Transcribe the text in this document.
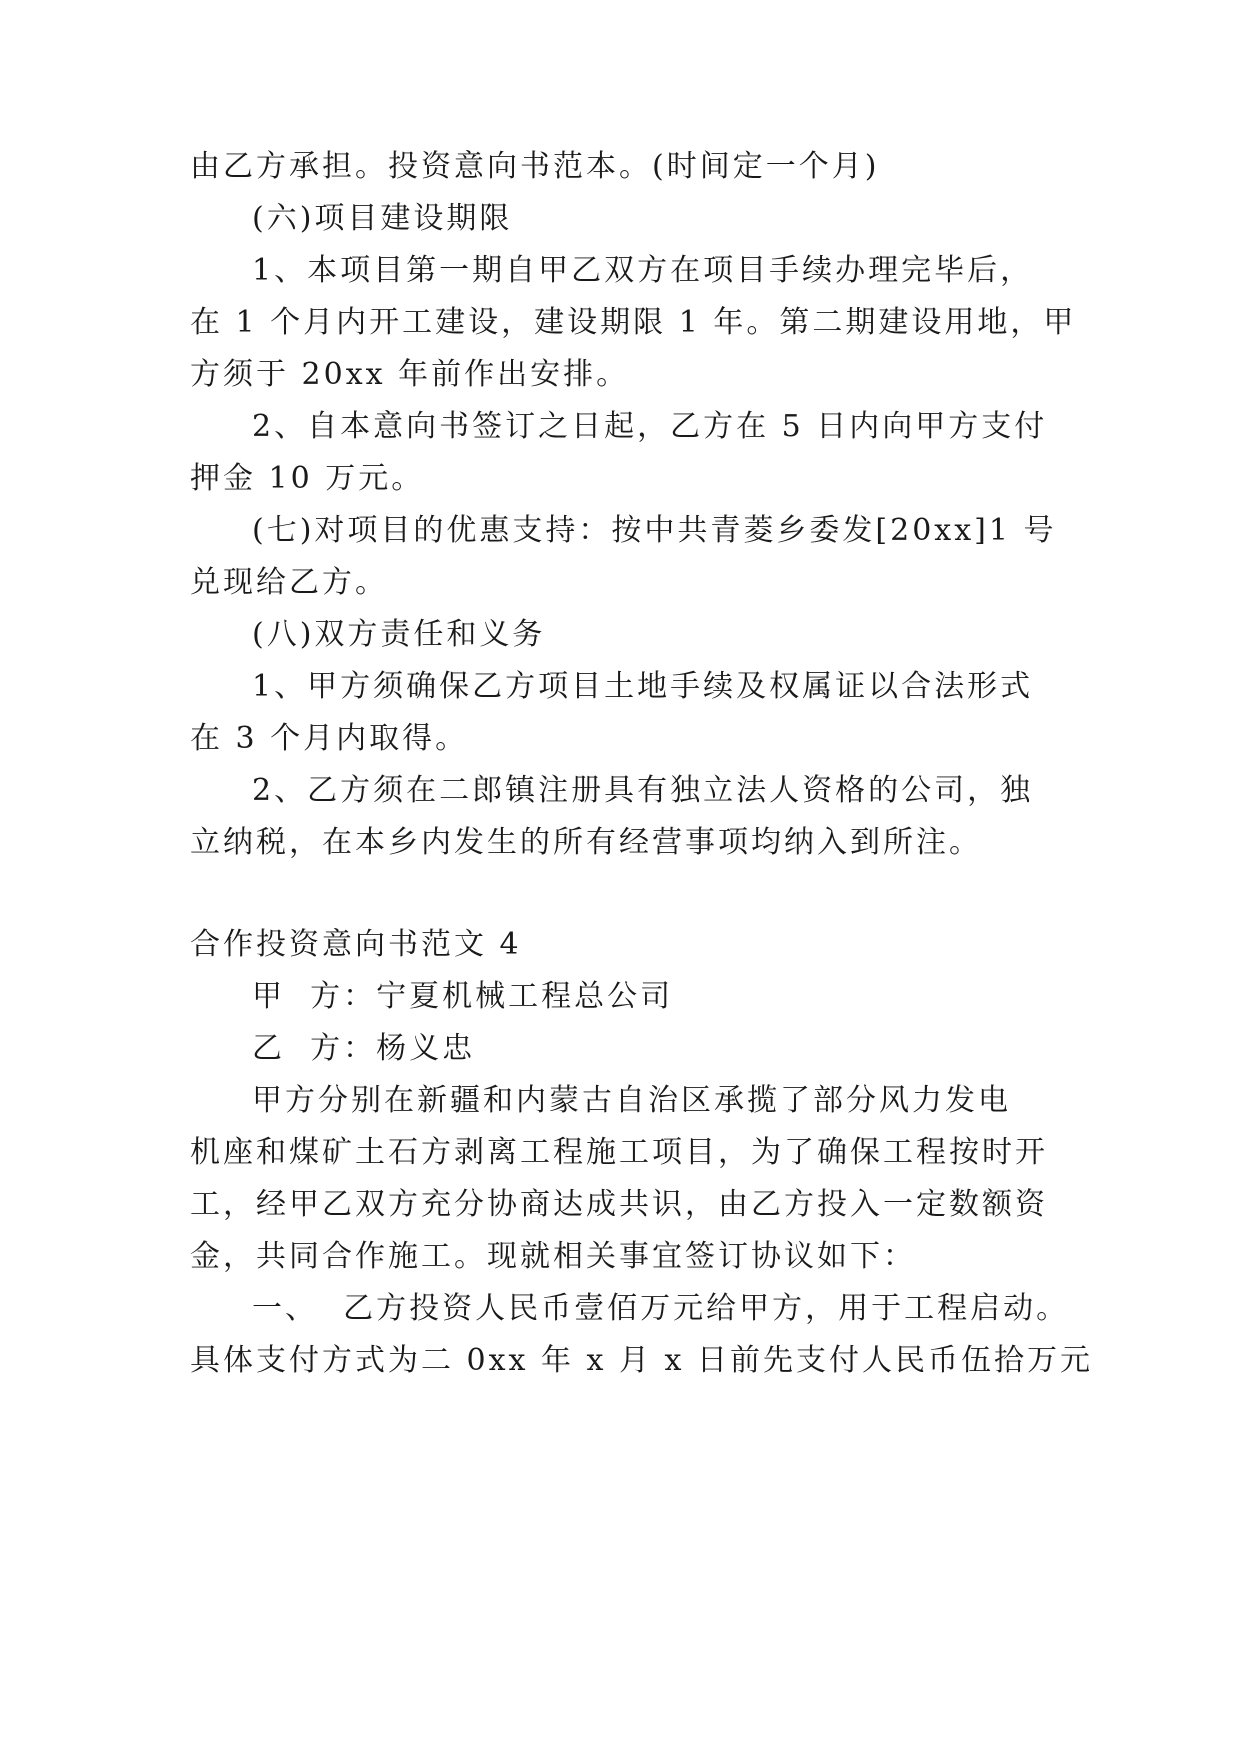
由乙方承担。投资意向书范本。(时间定一个月)
(六)项目建设期限
1、本项目第一期自甲乙双方在项目手续办理完毕后，
在 1 个月内开工建设，建设期限 1 年。第二期建设用地，甲
方须于 20xx 年前作出安排。
2、自本意向书签订之日起，乙方在 5 日内向甲方支付
押金 10 万元。
(七)对项目的优惠支持：按中共青菱乡委发[20xx]1 号
兑现给乙方。
(八)双方责任和义务
1、甲方须确保乙方项目土地手续及权属证以合法形式
在 3 个月内取得。
2、乙方须在二郎镇注册具有独立法人资格的公司，独
立纳税，在本乡内发生的所有经营事项均纳入到所注。
合作投资意向书范文 4
甲  方：宁夏机械工程总公司
乙  方：杨义忠
甲方分别在新疆和内蒙古自治区承揽了部分风力发电
机座和煤矿土石方剥离工程施工项目，为了确保工程按时开
工，经甲乙双方充分协商达成共识，由乙方投入一定数额资
金，共同合作施工。现就相关事宜签订协议如下：
一、  乙方投资人民币壹佰万元给甲方，用于工程启动。
具体支付方式为二 0xx 年 x 月 x 日前先支付人民币伍拾万元
